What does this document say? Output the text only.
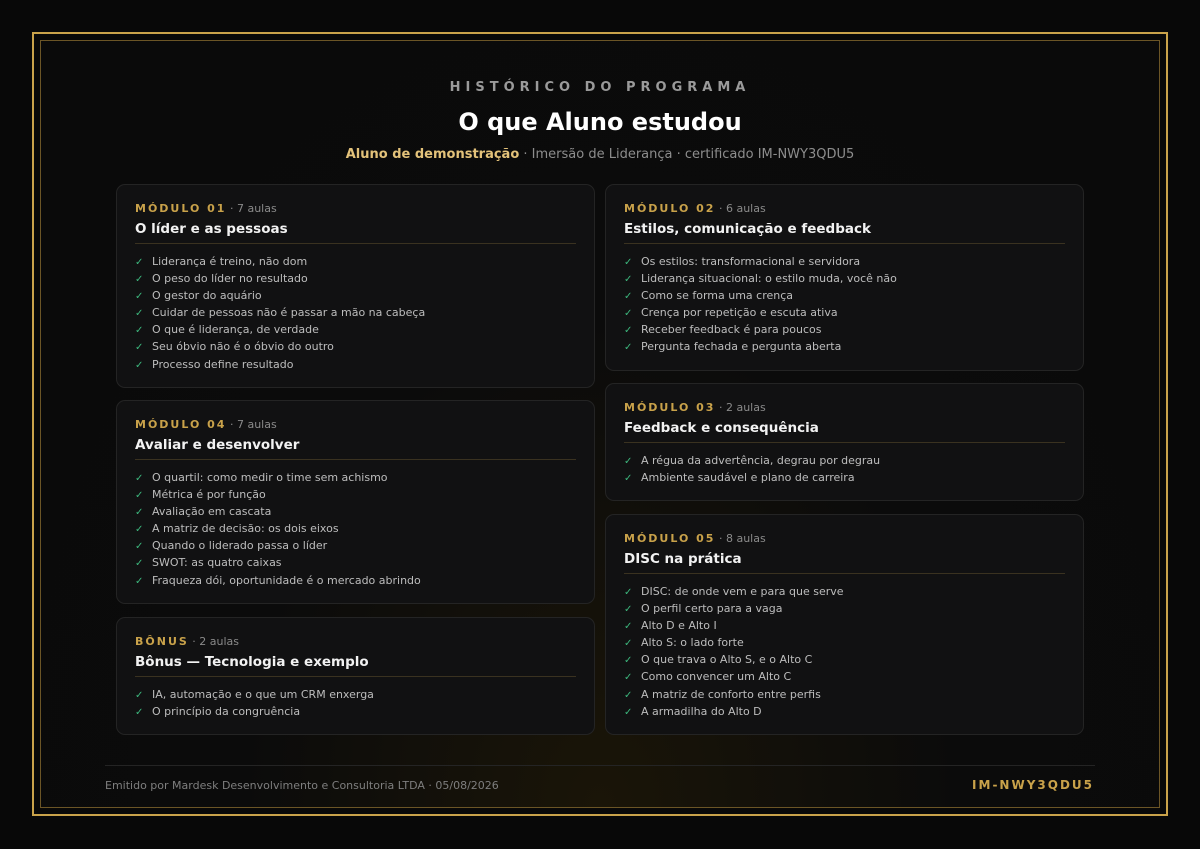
HISTÓRICO DO PROGRAMA
O que Aluno estudou
Aluno de demonstração · Imersão de Liderança · certificado IM-NWY3QDU5
MÓDULO 01 · 7 aulas
O líder e as pessoas
✓ Liderança é treino, não dom
✓ O peso do líder no resultado
✓ O gestor do aquário
✓ Cuidar de pessoas não é passar a mão na cabeça
✓ O que é liderança, de verdade
✓ Seu óbvio não é o óbvio do outro
✓ Processo define resultado
MÓDULO 02 · 6 aulas
Estilos, comunicação e feedback
✓ Os estilos: transformacional e servidora
✓ Liderança situacional: o estilo muda, você não
✓ Como se forma uma crença
✓ Crença por repetição e escuta ativa
✓ Receber feedback é para poucos
✓ Pergunta fechada e pergunta aberta
MÓDULO 03 · 2 aulas
Feedback e consequência
✓ A régua da advertência, degrau por degrau
✓ Ambiente saudável e plano de carreira
MÓDULO 04 · 7 aulas
Avaliar e desenvolver
✓ O quartil: como medir o time sem achismo
✓ Métrica é por função
✓ Avaliação em cascata
✓ A matriz de decisão: os dois eixos
✓ Quando o liderado passa o líder
✓ SWOT: as quatro caixas
✓ Fraqueza dói, oportunidade é o mercado abrindo
MÓDULO 05 · 8 aulas
DISC na prática
✓ DISC: de onde vem e para que serve
✓ O perfil certo para a vaga
✓ Alto D e Alto I
✓ Alto S: o lado forte
✓ O que trava o Alto S, e o Alto C
✓ Como convencer um Alto C
✓ A matriz de conforto entre perfis
✓ A armadilha do Alto D
BÔNUS · 2 aulas
Bônus — Tecnologia e exemplo
✓ IA, automação e o que um CRM enxerga
✓ O princípio da congruência
Emitido por Mardesk Desenvolvimento e Consultoria LTDA · 05/08/2026	IM-NWY3QDU5
